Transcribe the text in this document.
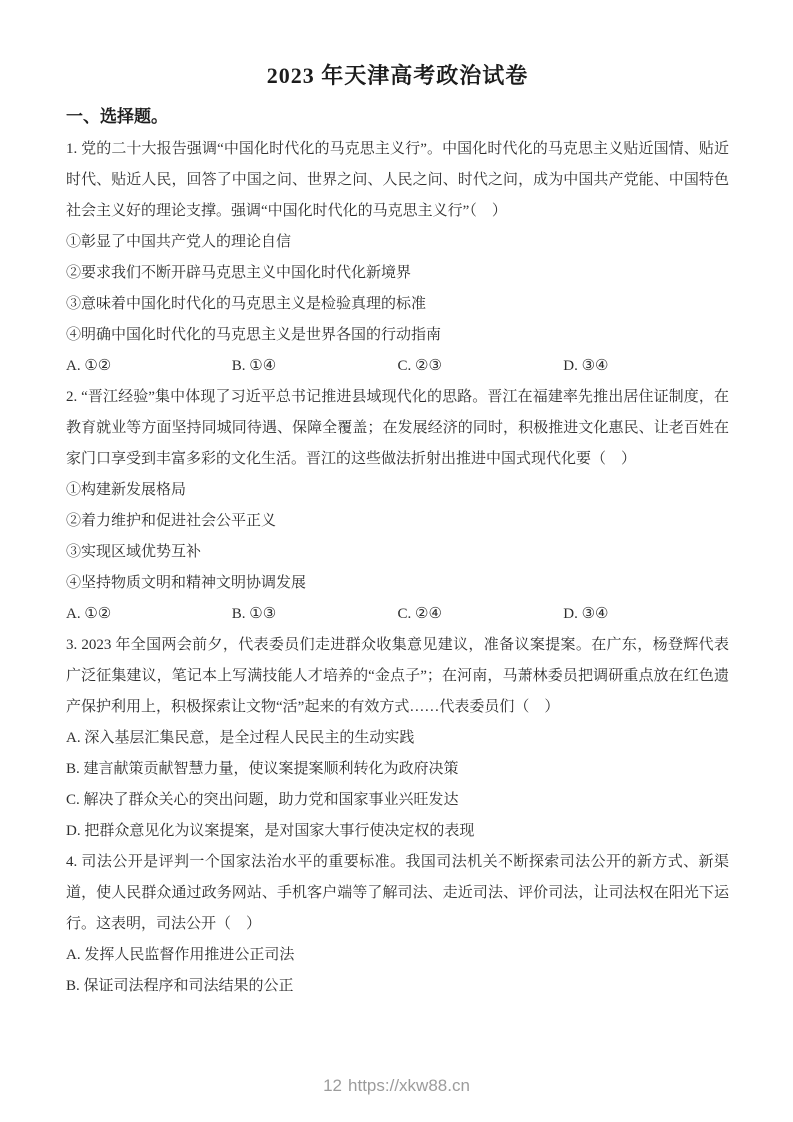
2023 年天津高考政治试卷
一、选择题。

1. 党的二十大报告强调“中国化时代化的马克思主义行”。中国化时代化的马克思主义贴近国情、贴近时代、贴近人民，回答了中国之问、世界之问、人民之问、时代之问，成为中国共产党能、中国特色社会主义好的理论支撑。强调“中国化时代化的马克思主义行”（　）

①彰显了中国共产党人的理论自信

②要求我们不断开辟马克思主义中国化时代化新境界

③意味着中国化时代化的马克思主义是检验真理的标准

④明确中国化时代化的马克思主义是世界各国的行动指南

A. ①②	B. ①④	C. ②③	D. ③④

2. “晋江经验”集中体现了习近平总书记推进县域现代化的思路。晋江在福建率先推出居住证制度，在教育就业等方面坚持同城同待遇、保障全覆盖；在发展经济的同时，积极推进文化惠民、让老百姓在家门口享受到丰富多彩的文化生活。晋江的这些做法折射出推进中国式现代化要（　）

①构建新发展格局

②着力维护和促进社会公平正义

③实现区域优势互补

④坚持物质文明和精神文明协调发展

A. ①②	B. ①③	C. ②④	D. ③④

3. 2023 年全国两会前夕，代表委员们走进群众收集意见建议，准备议案提案。在广东，杨登辉代表广泛征集建议，笔记本上写满技能人才培养的“金点子”；在河南，马萧林委员把调研重点放在红色遗产保护利用上，积极探索让文物“活”起来的有效方式……代表委员们（　）

A. 深入基层汇集民意，是全过程人民民主的生动实践

B. 建言献策贡献智慧力量，使议案提案顺利转化为政府决策

C. 解决了群众关心的突出问题，助力党和国家事业兴旺发达

D. 把群众意见化为议案提案，是对国家大事行使决定权的表现

4. 司法公开是评判一个国家法治水平的重要标准。我国司法机关不断探索司法公开的新方式、新渠道，使人民群众通过政务网站、手机客户端等了解司法、走近司法、评价司法，让司法权在阳光下运行。这表明，司法公开（　）

A. 发挥人民监督作用推进公正司法

B. 保证司法程序和司法结果的公正

12 https://xkw88.cn
